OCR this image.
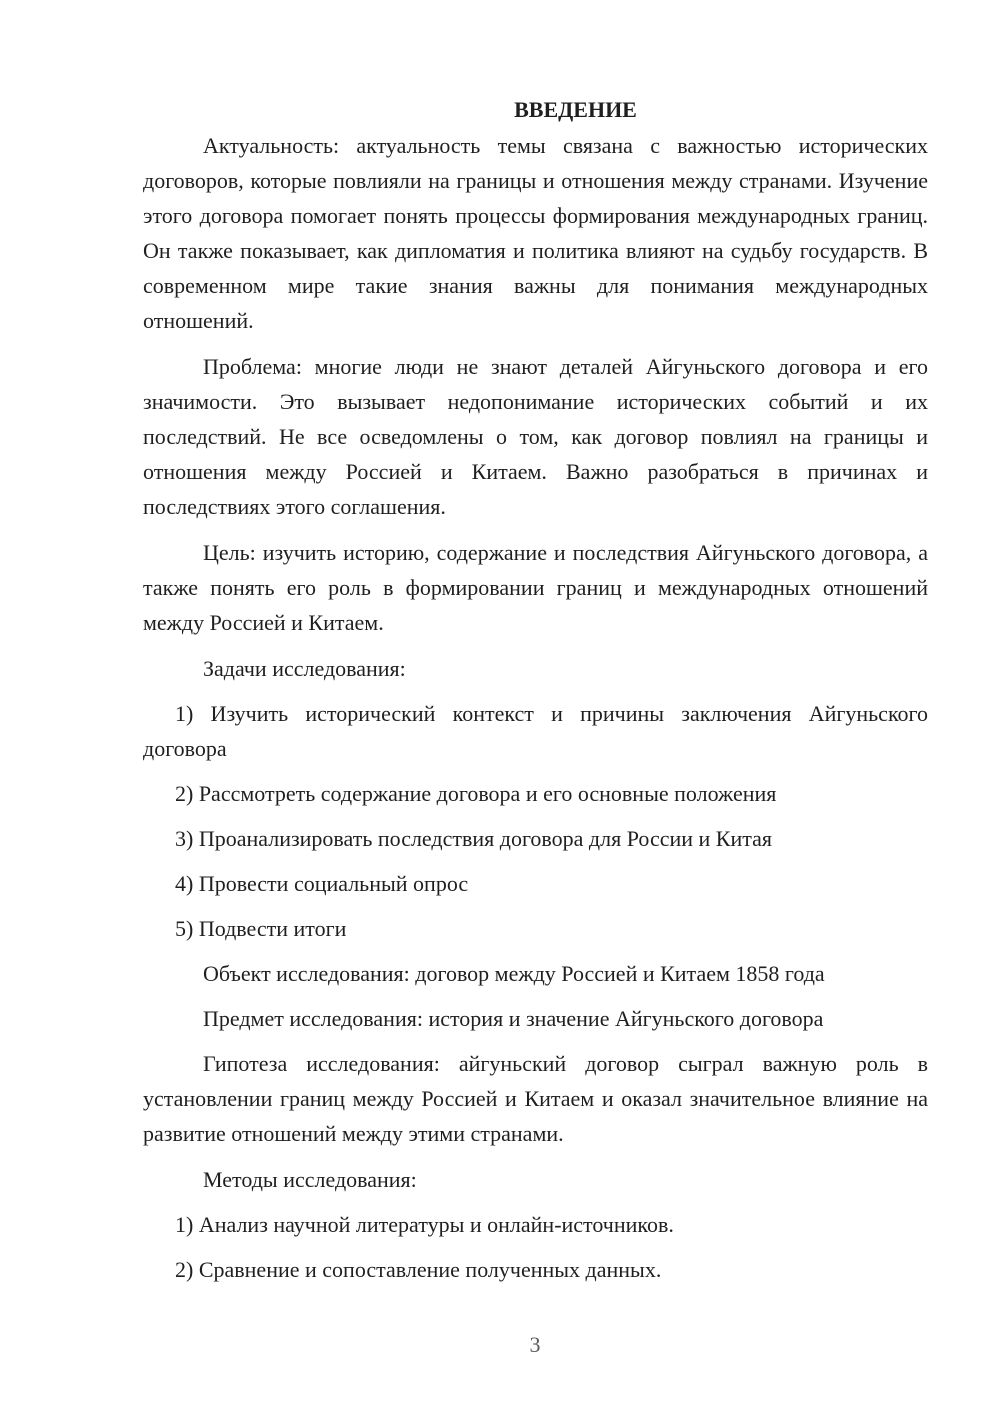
ВВЕДЕНИЕ

Актуальность: актуальность темы связана с важностью исторических договоров, которые повлияли на границы и отношения между странами. Изучение этого договора помогает понять процессы формирования международных границ. Он также показывает, как дипломатия и политика влияют на судьбу государств. В современном мире такие знания важны для понимания международных отношений.

Проблема: многие люди не знают деталей Айгуньского договора и его значимости. Это вызывает недопонимание исторических событий и их последствий. Не все осведомлены о том, как договор повлиял на границы и отношения между Россией и Китаем. Важно разобраться в причинах и последствиях этого соглашения.

Цель: изучить историю, содержание и последствия Айгуньского договора, а также понять его роль в формировании границ и международных отношений между Россией и Китаем.

Задачи исследования:
1) Изучить исторический контекст и причины заключения Айгуньского договора
2) Рассмотреть содержание договора и его основные положения
3) Проанализировать последствия договора для России и Китая
4) Провести социальный опрос
5) Подвести итоги
Объект исследования: договор между Россией и Китаем 1858 года
Предмет исследования: история и значение Айгуньского договора

Гипотеза исследования: айгуньский договор сыграл важную роль в установлении границ между Россией и Китаем и оказал значительное влияние на развитие отношений между этими странами.

Методы исследования:
1) Анализ научной литературы и онлайн-источников.
2) Сравнение и сопоставление полученных данных.
3
